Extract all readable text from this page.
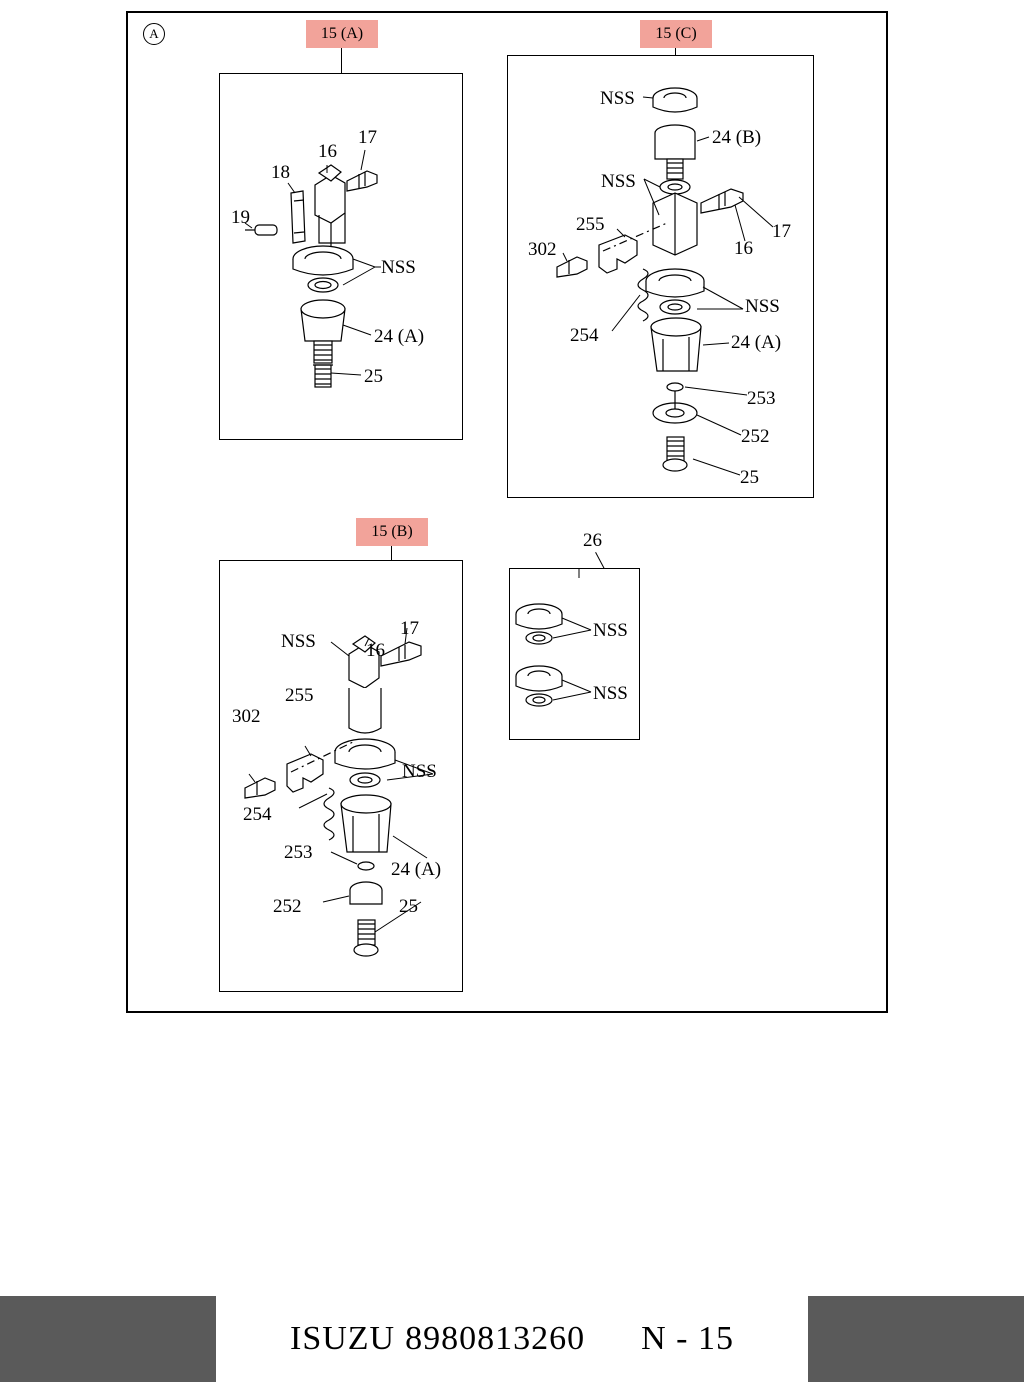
A	15 (A)	15 (C)
15 (B)
19
18
16
17
NSS
24 (A)
25
NSS
24 (B)
NSS
255
302	16
17
NSS
254	24 (A)
253
252
25
NSS	16
17
255
302
NSS
254
253
24 (A)
252	25
26
NSS
NSS
ISUZU 8980813260 N - 15
